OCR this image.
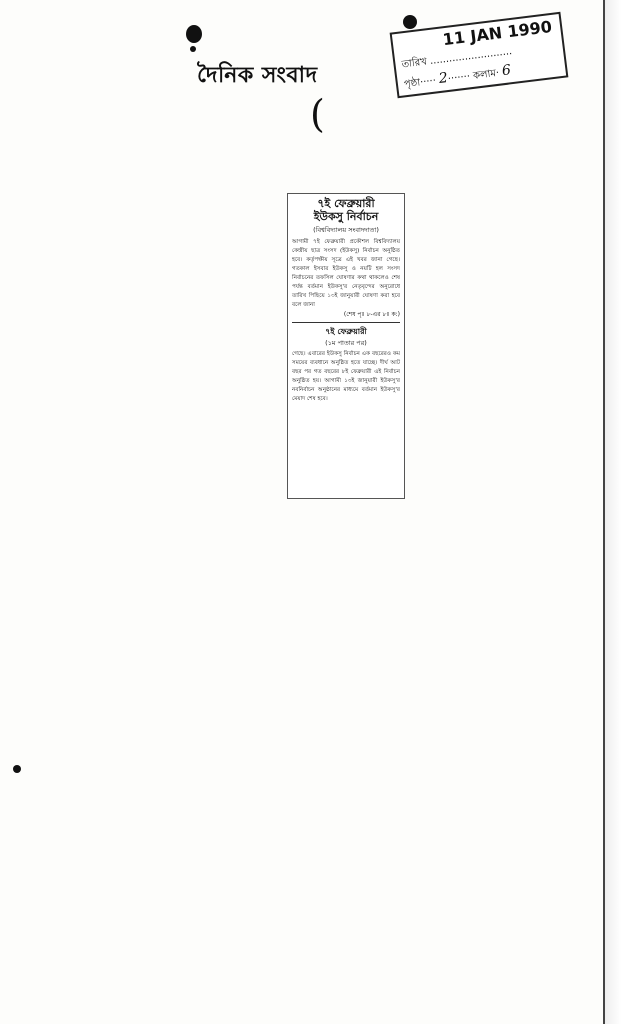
দৈনিক সংবাদ
(
11 JAN 1990
তারিখ ..........................
পৃষ্ঠা····· 2······· কলাম· 6
৭ই ফেব্রুয়ারী
ইউকসু নির্বাচন
(বিশ্ববিদ্যালয় সংবাদদাতা)
আগামী ৭ই ফেব্রুয়ারী প্রকৌশল বিশ্ববিদ্যালয় কেন্দ্রীয় ছাত্র সংসদ (ইউকসু) নির্বাচন অনুষ্ঠিত হবে। কর্তৃপক্ষীয় সূত্রে এই খবর জানা গেছে। গতকাল ইসবার ইউকসু ও নয়টি হল সংসদ নির্বাচনের তফসিল ঘোষণার কথা থাকলেও শেষ পর্যন্ত বর্তমান ইউকসু'র নেতৃবৃন্দের অনুরোধে তারিখ পিছিয়ে ১৩ই জানুয়ারী ঘোষণা করা হবে বলে জানা
(শেষ পৃঃ ৮-এর ৮ঃ ক:)
৭ই ফেব্রুয়ারী
(১ম পাতার পর)
গেছে। এবারের ইউকসু নির্বাচন এক বছরেরও কম সময়ের ব্যবধানে অনুষ্ঠিত হতে যাচ্ছে। দীর্ঘ আট বছর পর গত বছরের ৮ই ফেব্রুয়ারী এই নির্বাচন অনুষ্ঠিত হয়। আগামী ১৩ই জানুয়ারী ইউকসু'র নবনির্বাচন অনুষ্ঠানের মাধ্যমে বর্তমান ইউকসু'র মেয়াদ শেষ হবে।
